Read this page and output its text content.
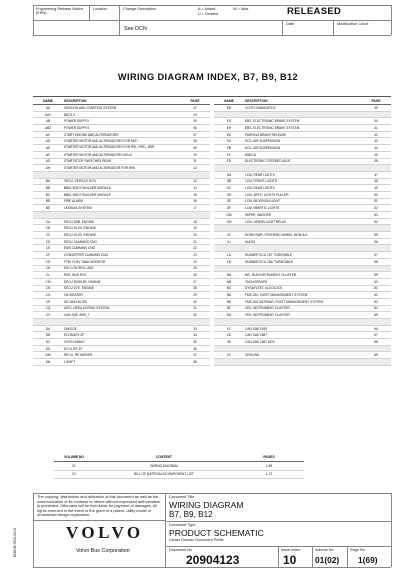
Engineering Release Notice (ERN)
Location	Change Description	A = Added
U = Deleted
W = Was	RELEASED
Date	Modification Count
See DCN
WIRING DIAGRAM INDEX, B7, B9, B12
NAME	DESCRIPTION	PAGE
AA	IGNITION AND STARTING SYSTEM	02
AA2	BATS-3	04
AB	POWER SUPPLY	05
AB2	POWER SUPPLY	06
AC	START ENGINE AND ALTERNATORS	07
AD	STARTER MOTOR AND ALTERNATORS FOR MG7	08
AE	STARTER MOTOR AND ALTERNATORS FOR R9L, R9TL, B9R	09
AF	STARTER MOTOR AND ALTERNATORS MG12	10
AG	START/STOP SWITCHES REAR	11
AH	STARTER MOTOR AND ALTERNATOR FOR R95	12

BA	VECU, VEHICLE ECU	13
BB	BBM, BODY BUILDER MODULE	14
BC	BBM, BODY BUILDER MODULE	15
BD	FIRE ALARM	16
BE	LKS/DAS-SYSTEM	17

CA	EECU D9B, ENGINE	18
CB	EECU D12D, ENGINE	19
CC	EECU D12D, ENGINE	20
CD	EECU CUMMINS CNG	21
CE	EMS CUMMINS CNG	22
CF	CONVERTER CUMMINS CNG	23
CG	FTM, FUEL TANK MONITOR	24
CH	ESI CONTROL UNIT	25
CL	RSS, BUS SYS	26
CM	EECU D9/D12E, ENGINE	27
CN	EECU D7E, ENGINE	28
CO	OIL/HEATER	29
CP	ISC AND IN ISS	30
CQ	UEIS, UREA DOSING SYSTEM	31
CV	CAN SAE J939_7	32

DA	GM-EGE	33
DB	ECOMATX ZF	34
DC	VOITH D864G	35
DD	ECOLIFE ZF	36
DM	RECU, RETARDER	37
DN	I-SHIFT	38
NAME	DESCRIPTION	PAGE
ED	VOITH DIWA5 ARTIC	39

EG	EBS, ELECTRONIC BRAKE SYSTEM	40
EH	EBS, ELECTRONIC BRAKE SYSTEM	41
EK	PARKING BRAKE RELEASE	42
FA	ECS, AIR SUSPENSION	43
FB	ECS, AIR SUSPENSION	44
FC	ANECU	45
FD	ELECTRONIC STEERED AXLE	46

GA	LCM, REAR LIGHTS	47
GB	LCM, FRONT LIGHTS	48
GC	LCM, REAR LIGHTS	49
GD	LCM, ARTIC LIGHTS PULLER	50
GE	LCM, B5 XENON LIGHT	51
GF	LCM, B9ARTIC LIGHTS	52
GM	WIPER, WASHER	53
GN	LCM, XENON LIGHT RELAY	54

IS	HORN SWR, STEERING WHEEL MODULE	55
IU	AUDIO	56

LA	HUBNER ECU 1ST TURNTABLE	57
LB	HUBNER ECU 2ND TURNTABLE	58

NA	BIC, BUS INSTRUMENT CLUSTER	59
NB	TACHOGRAPH	60
NC	DYNAFLEET, ALCOLOCK	61
ND	FMS 200, FLEET MANAGEMENT SYSTEM	62
NE	FMS 200 GATEWAY, FLEET MANAGEMENT SYSTEM	63
NF	VDV, INSTRUMENT CLUSTER	64
NG	VDV, INSTRUMENT CLUSTER	65

XC	CAN SAE 1939	66
XD	CAN SAE 1587	67
XE	CAN SAE 1587 UDS	68

ZC	GROUND	69

VOLUME NO	CONTENT	PAGES
01	WIRING DIAGRAM	1-69
02	BILL OF MATERIALS/COMPONENT LIST	1-72
The copying, distribution and utilization of this document as well as the communication of its contents to others without expressed authorization is prohibited. Offenders will be held liable for payment of damages. All rights reserved in the event of the grant of a patent, utility model or ornamental design registration.
EDM-W 2000-04-01	VOLVO
Volvo Bus Corporation
Document Title
WIRING DIAGRAM
B7, B9, B12
Document Type
PRODUCT SCHEMATIC
Owner Domain Document Prefix
Document No
20904123
Issue Index
10
Volume No
01(02)
Page No
1(69)
